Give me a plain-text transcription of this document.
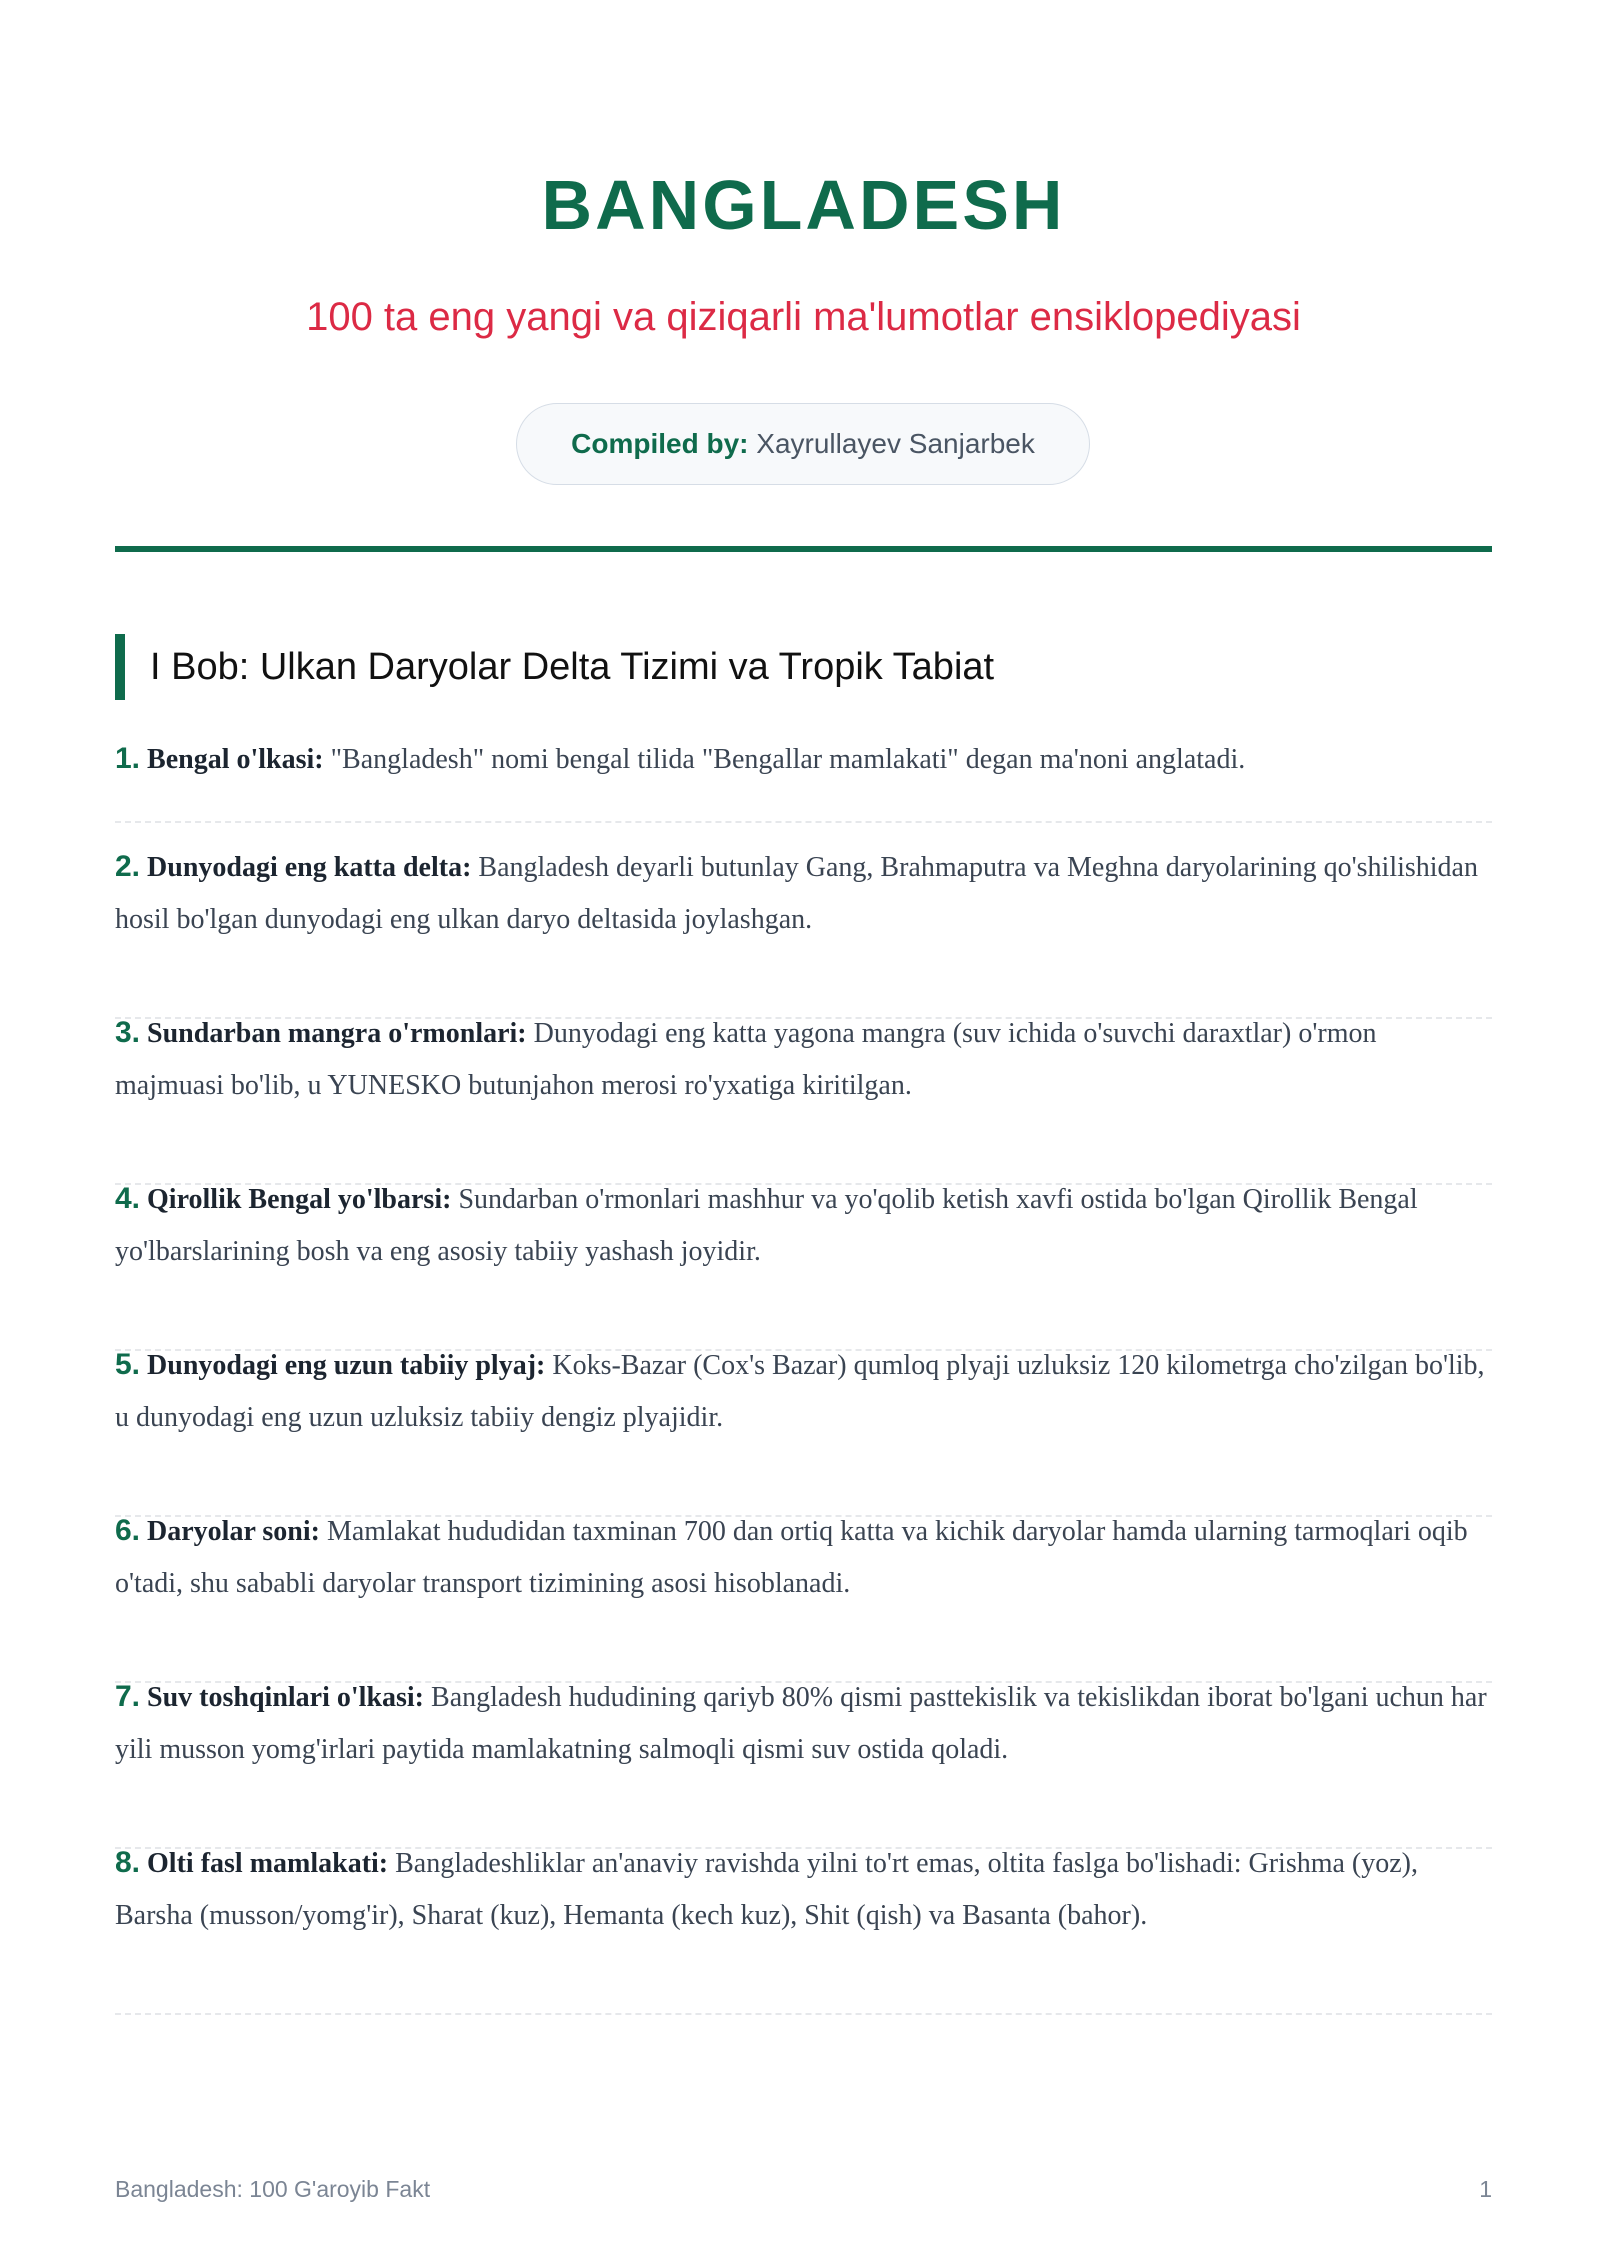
BANGLADESH
100 ta eng yangi va qiziqarli ma'lumotlar ensiklopediyasi
Compiled by: Xayrullayev Sanjarbek
I Bob: Ulkan Daryolar Delta Tizimi va Tropik Tabiat
1. Bengal o'lkasi: "Bangladesh" nomi bengal tilida "Bengallar mamlakati" degan ma'noni anglatadi.
2. Dunyodagi eng katta delta: Bangladesh deyarli butunlay Gang, Brahmaputra va Meghna daryolarining qo'shilishidan hosil bo'lgan dunyodagi eng ulkan daryo deltasida joylashgan.
3. Sundarban mangra o'rmonlari: Dunyodagi eng katta yagona mangra (suv ichida o'suvchi daraxtlar) o'rmon majmuasi bo'lib, u YUNESKO butunjahon merosi ro'yxatiga kiritilgan.
4. Qirollik Bengal yo'lbarsi: Sundarban o'rmonlari mashhur va yo'qolib ketish xavfi ostida bo'lgan Qirollik Bengal yo'lbarslarining bosh va eng asosiy tabiiy yashash joyidir.
5. Dunyodagi eng uzun tabiiy plyaj: Koks-Bazar (Cox's Bazar) qumloq plyaji uzluksiz 120 kilometrga cho'zilgan bo'lib, u dunyodagi eng uzun uzluksiz tabiiy dengiz plyajidir.
6. Daryolar soni: Mamlakat hududidan taxminan 700 dan ortiq katta va kichik daryolar hamda ularning tarmoqlari oqib o'tadi, shu sababli daryolar transport tizimining asosi hisoblanadi.
7. Suv toshqinlari o'lkasi: Bangladesh hududining qariyb 80% qismi pasttekislik va tekislikdan iborat bo'lgani uchun har yili musson yomg'irlari paytida mamlakatning salmoqli qismi suv ostida qoladi.
8. Olti fasl mamlakati: Bangladeshliklar an'anaviy ravishda yilni to'rt emas, oltita faslga bo'lishadi: Grishma (yoz), Barsha (musson/yomg'ir), Sharat (kuz), Hemanta (kech kuz), Shit (qish) va Basanta (bahor).
Bangladesh: 100 G'aroyib Fakt	1
